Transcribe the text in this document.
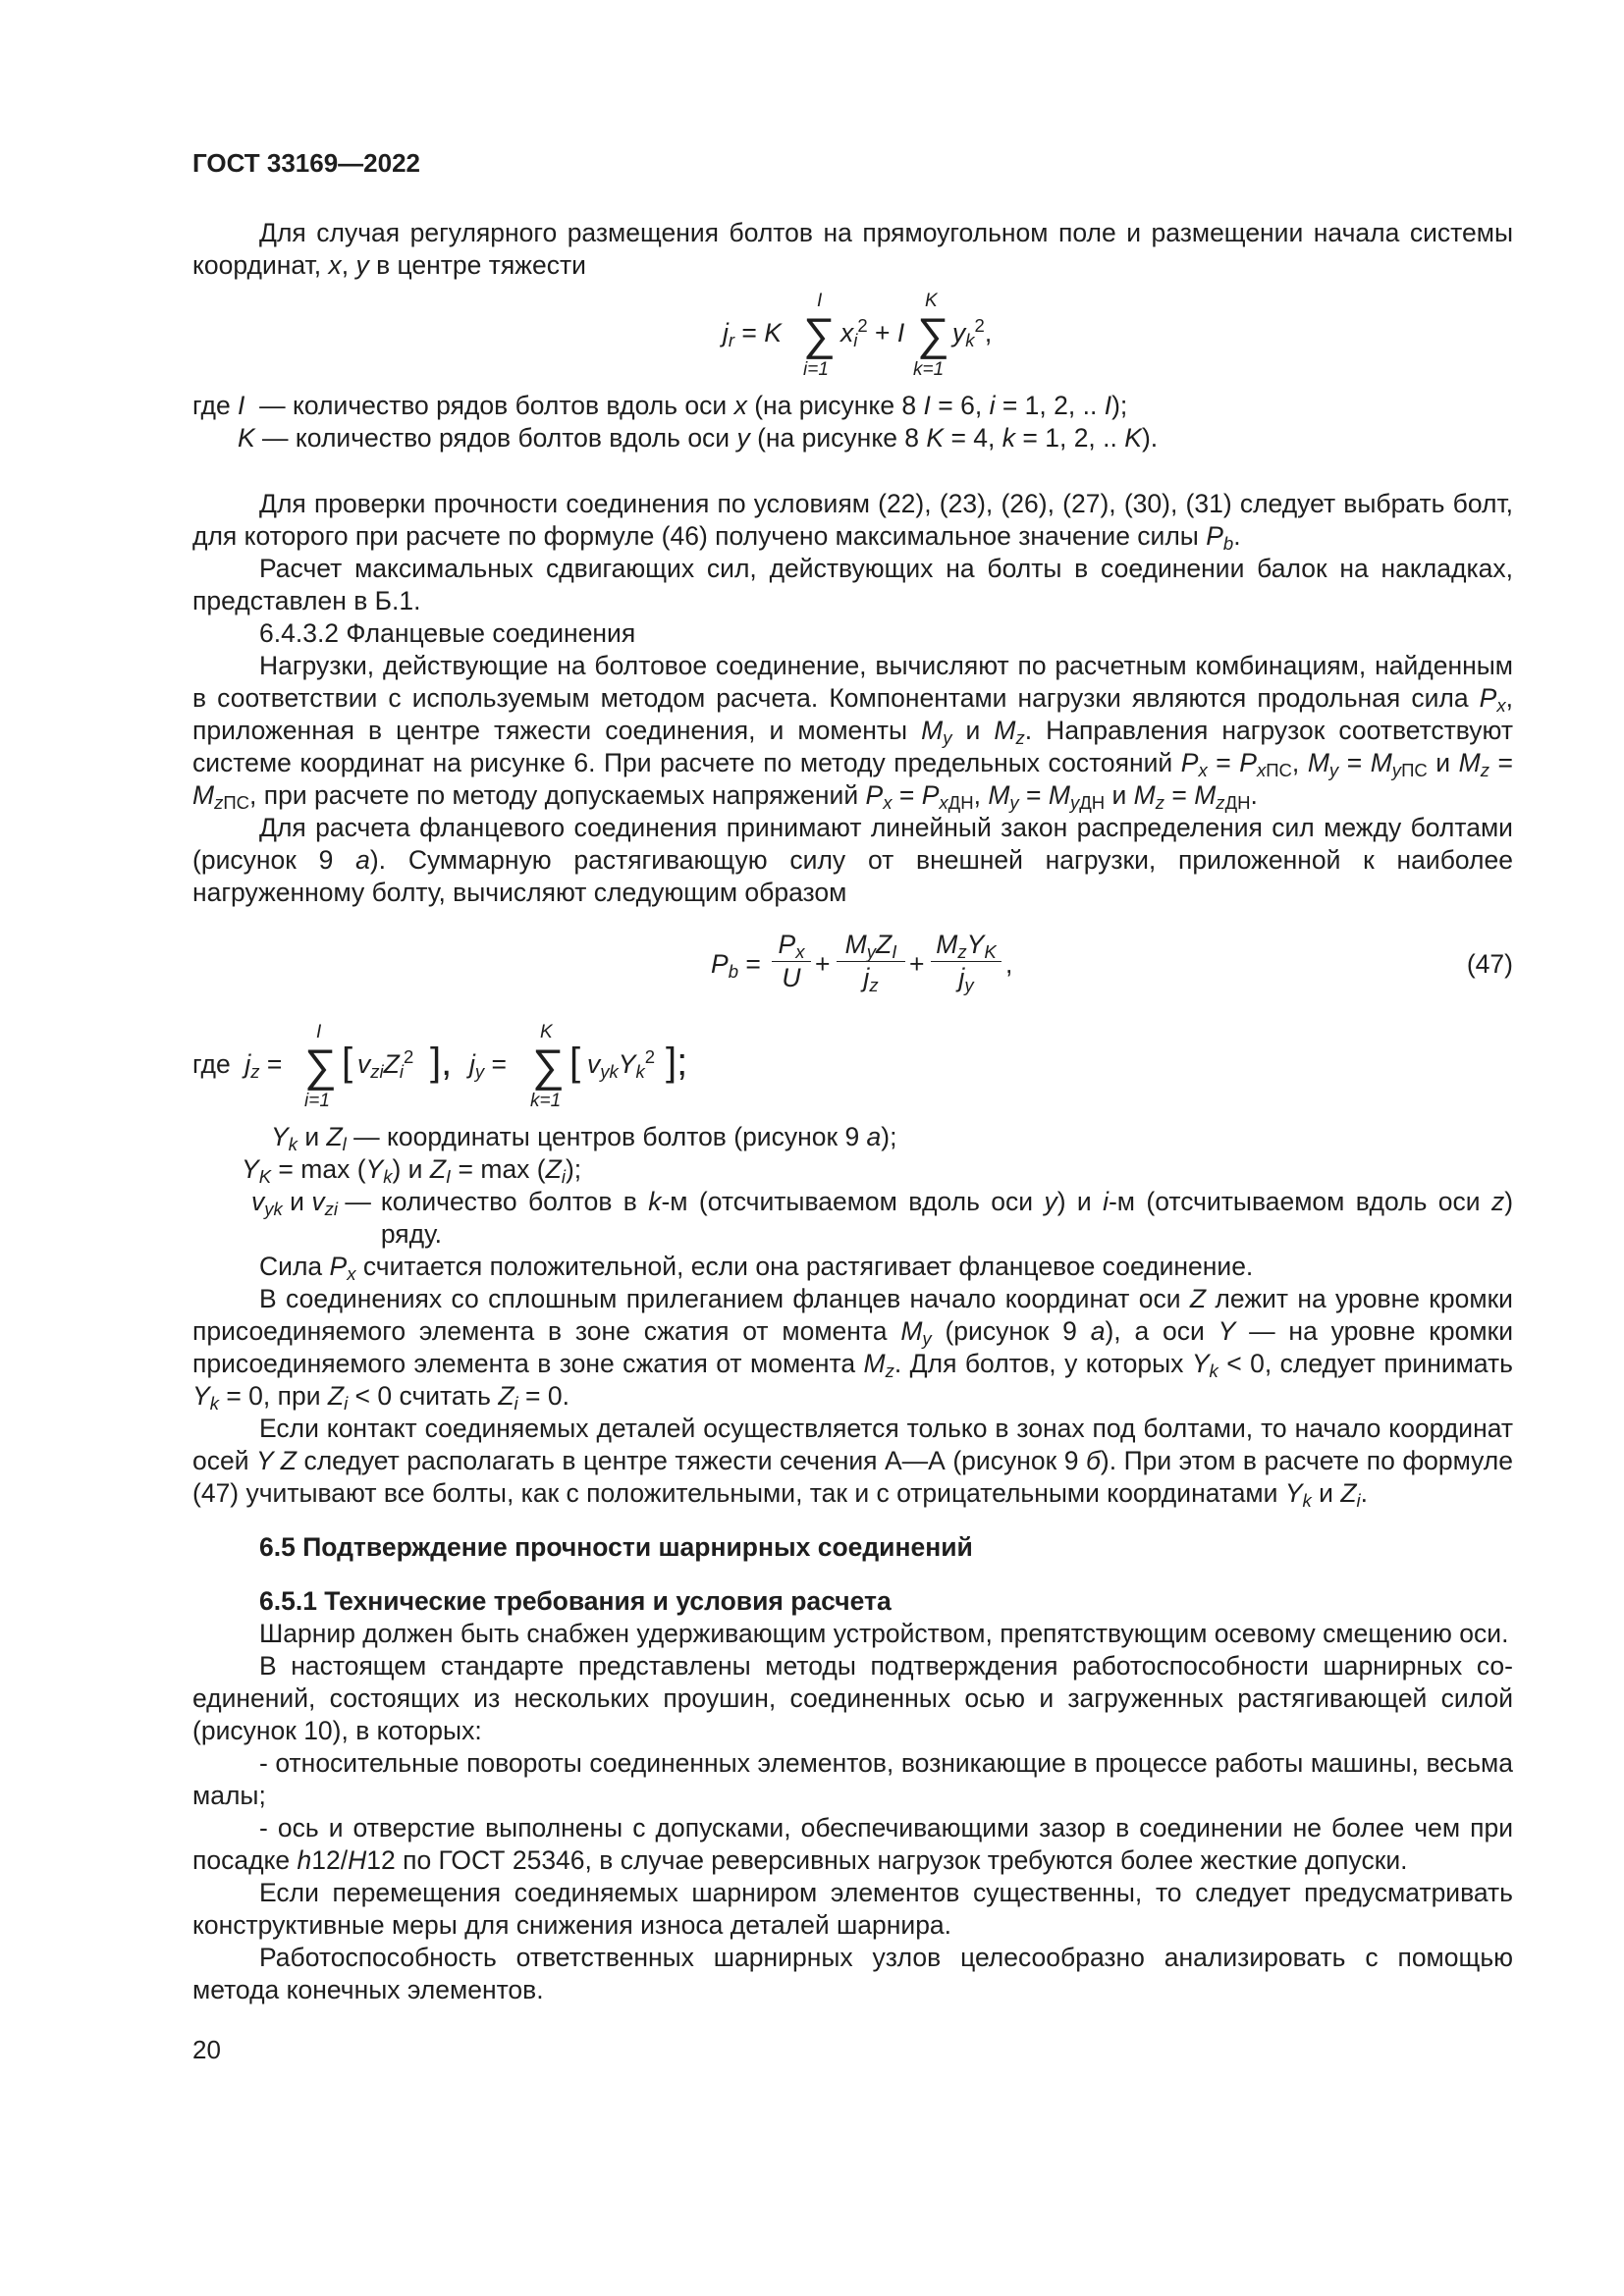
ГОСТ 33169—2022

Для случая регулярного размещения болтов на прямоугольном поле и размещении начала системы координат, x, y в центре тяжести

$j_r = K$ ∑
I
i=1
$x_i^2 + I$ ∑
K
k=1
$y_k^2$,

где I  — количество рядов болтов вдоль оси x (на рисунке 8 I = 6, i = 1, 2, .. I);

K — количество рядов болтов вдоль оси y (на рисунке 8 K = 4, k = 1, 2, .. K).

Для проверки прочности соединения по условиям (22), (23), (26), (27), (30), (31) следует выбрать болт, для которого при расчете по формуле (46) получено максимальное значение силы $P_b$.

Расчет максимальных сдвигающих сил, действующих на болты в соединении балок на накладках, представлен в Б.1.

6.4.3.2 Фланцевые соединения

Нагрузки, действующие на болтовое соединение, вычисляют по расчетным комбинациям, найденным в соответствии с используемым методом расчета. Компонентами нагрузки являются продольная сила $P_x$, приложенная в центре тяжести соединения, и моменты $M_y$ и $M_z$. Направления нагрузок соответствуют системе координат на рисунке 6. При расчете по методу предельных состояний $P_x = P_{xПС}$, $M_y = M_{yПС}$ и $M_z = M_{zПС}$, при расчете по методу допускаемых напряжений $P_x = P_{xДН}$, $M_y = M_{yДН}$ и $M_z = M_{zДН}$.

Для расчета фланцевого соединения принимают линейный закон распределения сил между болтами (рисунок 9 а). Суммарную растягивающую силу от внешней нагрузки, приложенной к наиболее нагруженному болту, вычисляют следующим образом

$P_b = \frac{P_x}{U}$ +
$M_yZ_I$
$j_z$
+
$M_zY_K$
$j_y$
,	(47)
где  $j_z$ = ∑
I
i=1
[ $v_{zi}Z_i^2$ ], $j_y$ = ∑
K
k=1
[ $v_{yk}Y_k^2$ ];

$Y_k$ и $Z_l$ — координаты центров болтов (рисунок 9 а);

$Y_K = \max (Y_k)$ и $Z_I = \max (Z_i)$;

$v_{yk}$ и $v_{zi}$ — количество болтов в k-м (отсчитываемом вдоль оси y) и i-м (отсчитываемом вдоль оси z) ряду.

Сила $P_x$ считается положительной, если она растягивает фланцевое соединение.

В соединениях со сплошным прилеганием фланцев начало координат оси Z лежит на уровне кромки присоединяемого элемента в зоне сжатия от момента $M_y$ (рисунок 9 а), а оси Y — на уровне кромки присоединяемого элемента в зоне сжатия от момента $M_z$. Для болтов, у которых $Y_k < 0$, следует принимать $Y_k = 0$, при $Z_i < 0$ считать $Z_i = 0$.

Если контакт соединяемых деталей осуществляется только в зонах под болтами, то начало координат осей Y Z следует располагать в центре тяжести сечения А—А (рисунок 9 б). При этом в расчете по формуле (47) учитывают все болты, как с положительными, так и с отрицательными координатами $Y_k$ и $Z_i$.

6.5 Подтверждение прочности шарнирных соединений

6.5.1 Технические требования и условия расчета

Шарнир должен быть снабжен удерживающим устройством, препятствующим осевому смещению оси.

В настоящем стандарте представлены методы подтверждения работоспособности шарнирных соединений, состоящих из нескольких проушин, соединенных осью и загруженных растягивающей силой (рисунок 10), в которых:

- относительные повороты соединенных элементов, возникающие в процессе работы машины, весьма малы;

- ось и отверстие выполнены с допусками, обеспечивающими зазор в соединении не более чем при посадке h12/H12 по ГОСТ 25346, в случае реверсивных нагрузок требуются более жесткие допуски.

Если перемещения соединяемых шарниром элементов существенны, то следует предусматривать конструктивные меры для снижения износа деталей шарнира.

Работоспособность ответственных шарнирных узлов целесообразно анализировать с помощью метода конечных элементов.

20
